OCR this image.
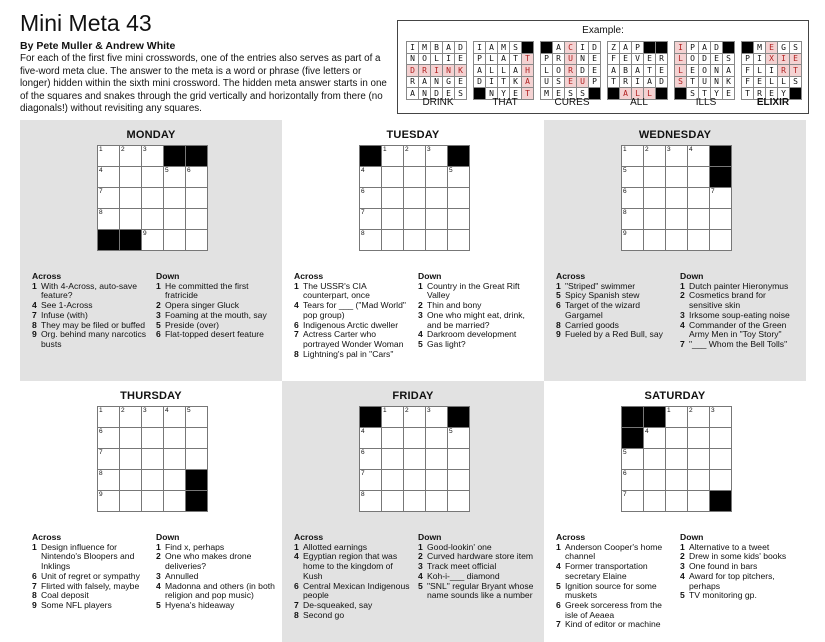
Mini Meta 43
By Pete Muller & Andrew White
For each of the first five mini crosswords, one of the entries also serves as part of a five-word meta clue. The answer to the meta is a word or phrase (five letters or longer) hidden within the sixth mini crossword. The hidden meta answer starts in one of the squares and snakes through the grid vertically and horizontally from there (no diagonals!) without revisiting any squares.
Example:
I	M	B	A	D
N	O	L	I	E
D	R	I	N	K
R	A	N	G	E
A	N	D	E	S
DRINK
I	A	M	S	
P	L	A	T	T
A	L	L	A	H
D	I	T	K	A
	N	Y	E	T
THAT
	A	C	I	D
P	R	U	N	E
L	O	R	D	E
U	S	E	U	P
M	E	S	S	
CURES
Z	A	P		
F	E	V	E	R
A	B	A	T	E
T	R	I	A	D
	A	L	L	
ALL
I	P	A	D	
L	O	D	E	S
L	E	O	N	A
S	T	U	N	K
	S	T	Y	E
ILLS
	M	E	G	S
P	I	X	I	E
F	L	I	R	T
F	E	L	L	S
T	R	E	Y	
ELIXIR
MONDAY
1	2	3		

4			5	6

7				

8				

		9		

Across
1 With 4-Across, auto-save feature?
4 See 1-Across
7 Infuse (with)
8 They may be filed or buffed
9 Org. behind many narcotics busts
Down
1 He committed the first fratricide
2 Opera singer Gluck
3 Foaming at the mouth, say
5 Preside (over)
6 Flat-topped desert feature
TUESDAY

	1	2	3	

4				5

6				

7				

8				

Across
1 The USSR's CIA counterpart, once
4 Tears for ___ ("Mad World" pop group)
6 Indigenous Arctic dweller
7 Actress Carter who portrayed Wonder Woman
8 Lightning's pal in "Cars"
Down
1 Country in the Great Rift Valley
2 Thin and bony
3 One who might eat, drink, and be married?
4 Darkroom development
5 Gas light?
WEDNESDAY
1	2	3	4	

5				

6				7

8				

9				

Across
1 "Striped" swimmer
5 Spicy Spanish stew
6 Target of the wizard Gargamel
8 Carried goods
9 Fueled by a Red Bull, say
Down
1 Dutch painter Hieronymus
2 Cosmetics brand for sensitive skin
3 Irksome soup-eating noise
4 Commander of the Green Army Men in "Toy Story"
7 "___ Whom the Bell Tolls"
THURSDAY
1	2	3	4	5

6				

7				

8				

9				

Across
1 Design influence for Nintendo's Bloopers and Inklings
6 Unit of regret or sympathy
7 Flirted with falsely, maybe
8 Coal deposit
9 Some NFL players
Down
1 Find x, perhaps
2 One who makes drone deliveries?
3 Annulled
4 Madonna and others (in both religion and pop music)
5 Hyena's hideaway
FRIDAY

	1	2	3	

4				5

6				

7				

8				

Across
1 Allotted earnings
4 Egyptian region that was home to the kingdom of Kush
6 Central Mexican Indigenous people
7 De-squeaked, say
8 Second go
Down
1 Good-lookin' one
2 Curved hardware store item
3 Track meet official
4 Koh-i-___ diamond
5 "SNL" regular Bryant whose name sounds like a number
SATURDAY

		1	2	3

	4			

5				

6				

7				

Across
1 Anderson Cooper's home channel
4 Former transportation secretary Elaine
5 Ignition source for some muskets
6 Greek sorceress from the isle of Aeaea
7 Kind of editor or machine
Down
1 Alternative to a tweet
2 Drew in some kids' books
3 One found in bars
4 Award for top pitchers, perhaps
5 TV monitoring gp.
